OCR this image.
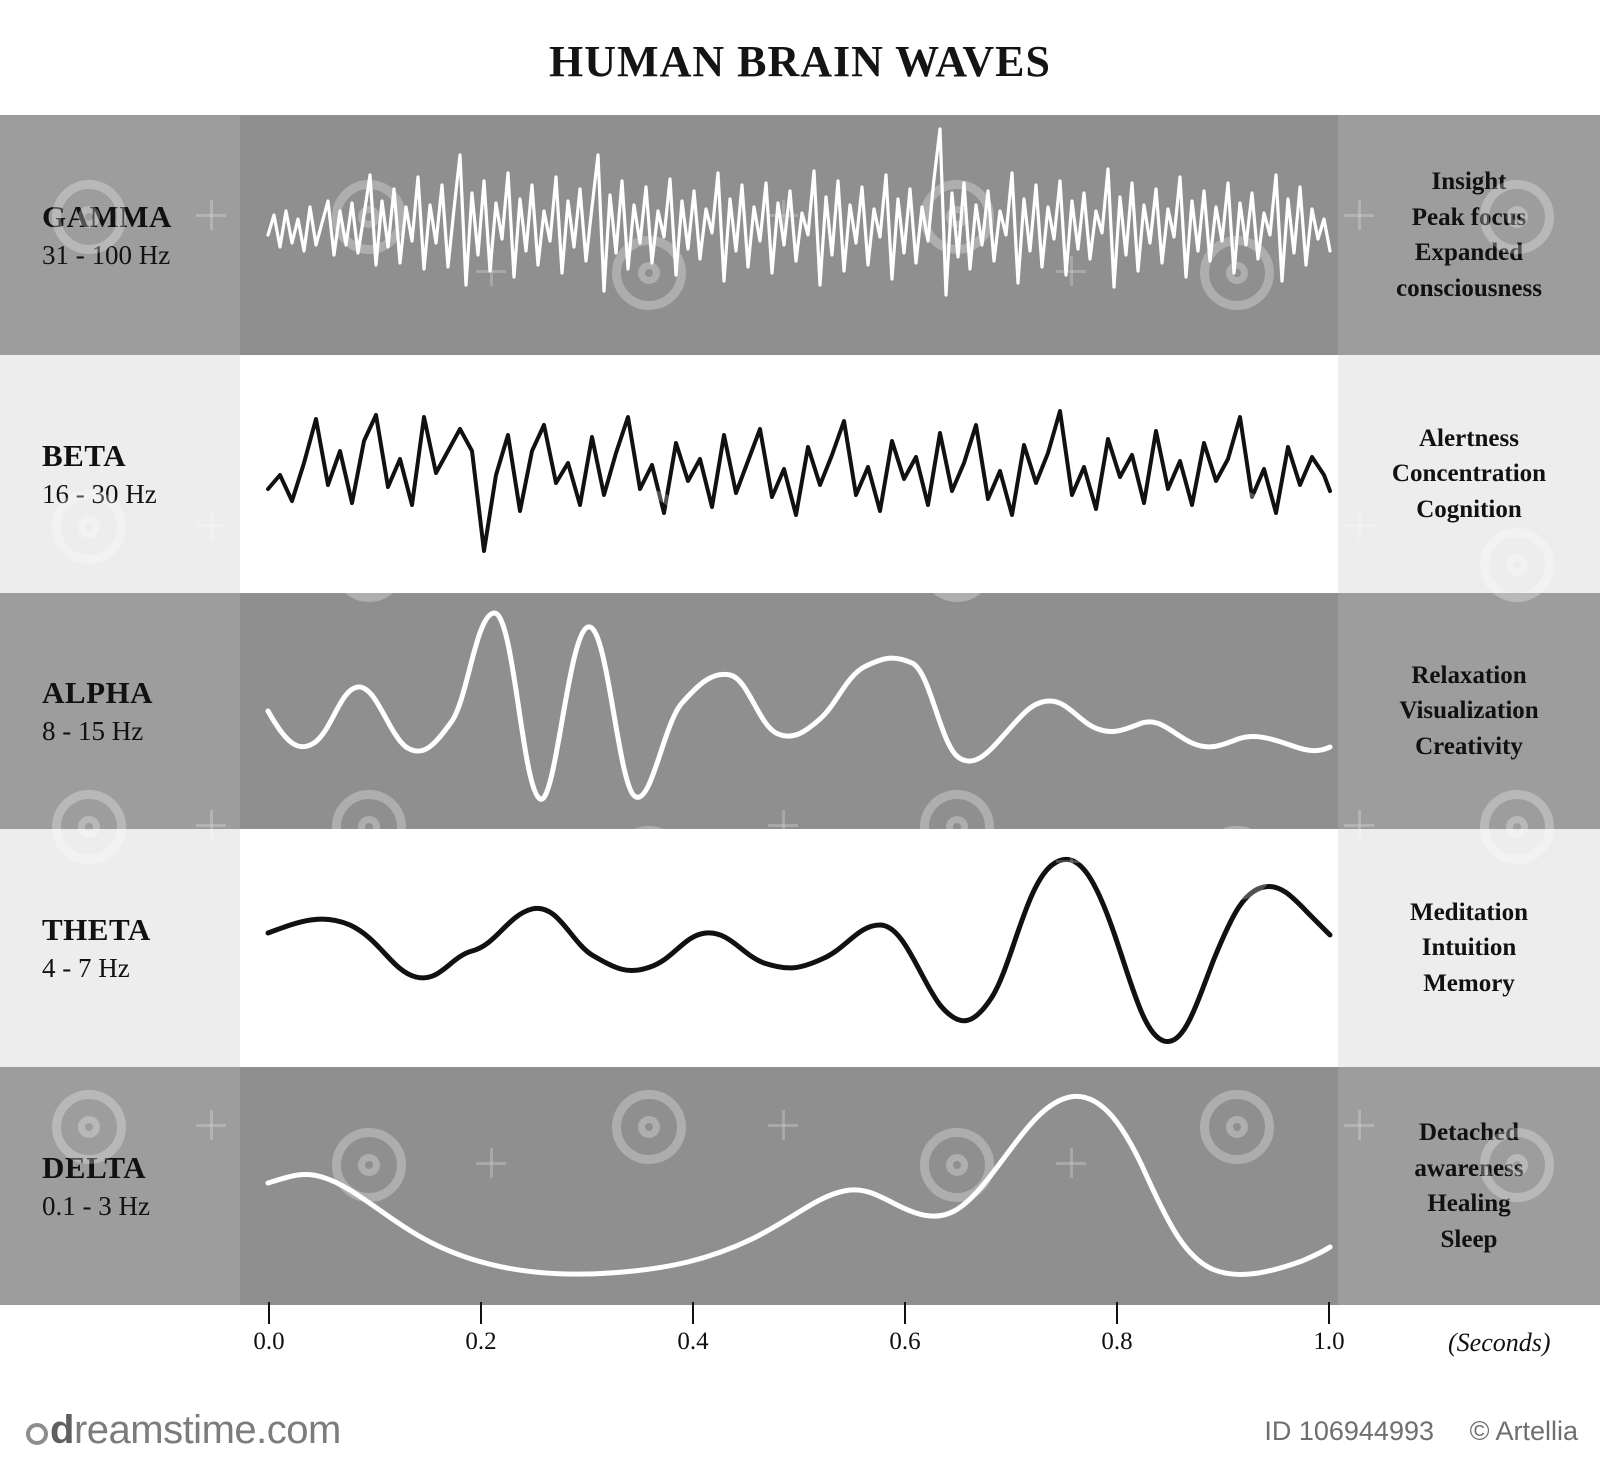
HUMAN BRAIN WAVES
GAMMA
31 - 100 Hz
Insight
Peak focus
Expanded
consciousness
BETA
16 - 30 Hz
Alertness
Concentration
Cognition
ALPHA
8 - 15 Hz
Relaxation
Visualization
Creativity
THETA
4 - 7 Hz
Meditation
Intuition
Memory
DELTA
0.1 - 3 Hz
Detached
awareness
Healing
Sleep
0.0	0.2	0.4	0.6	0.8	1.0	(Seconds)
dreamstime.com	ID 106944993 © Artellia
